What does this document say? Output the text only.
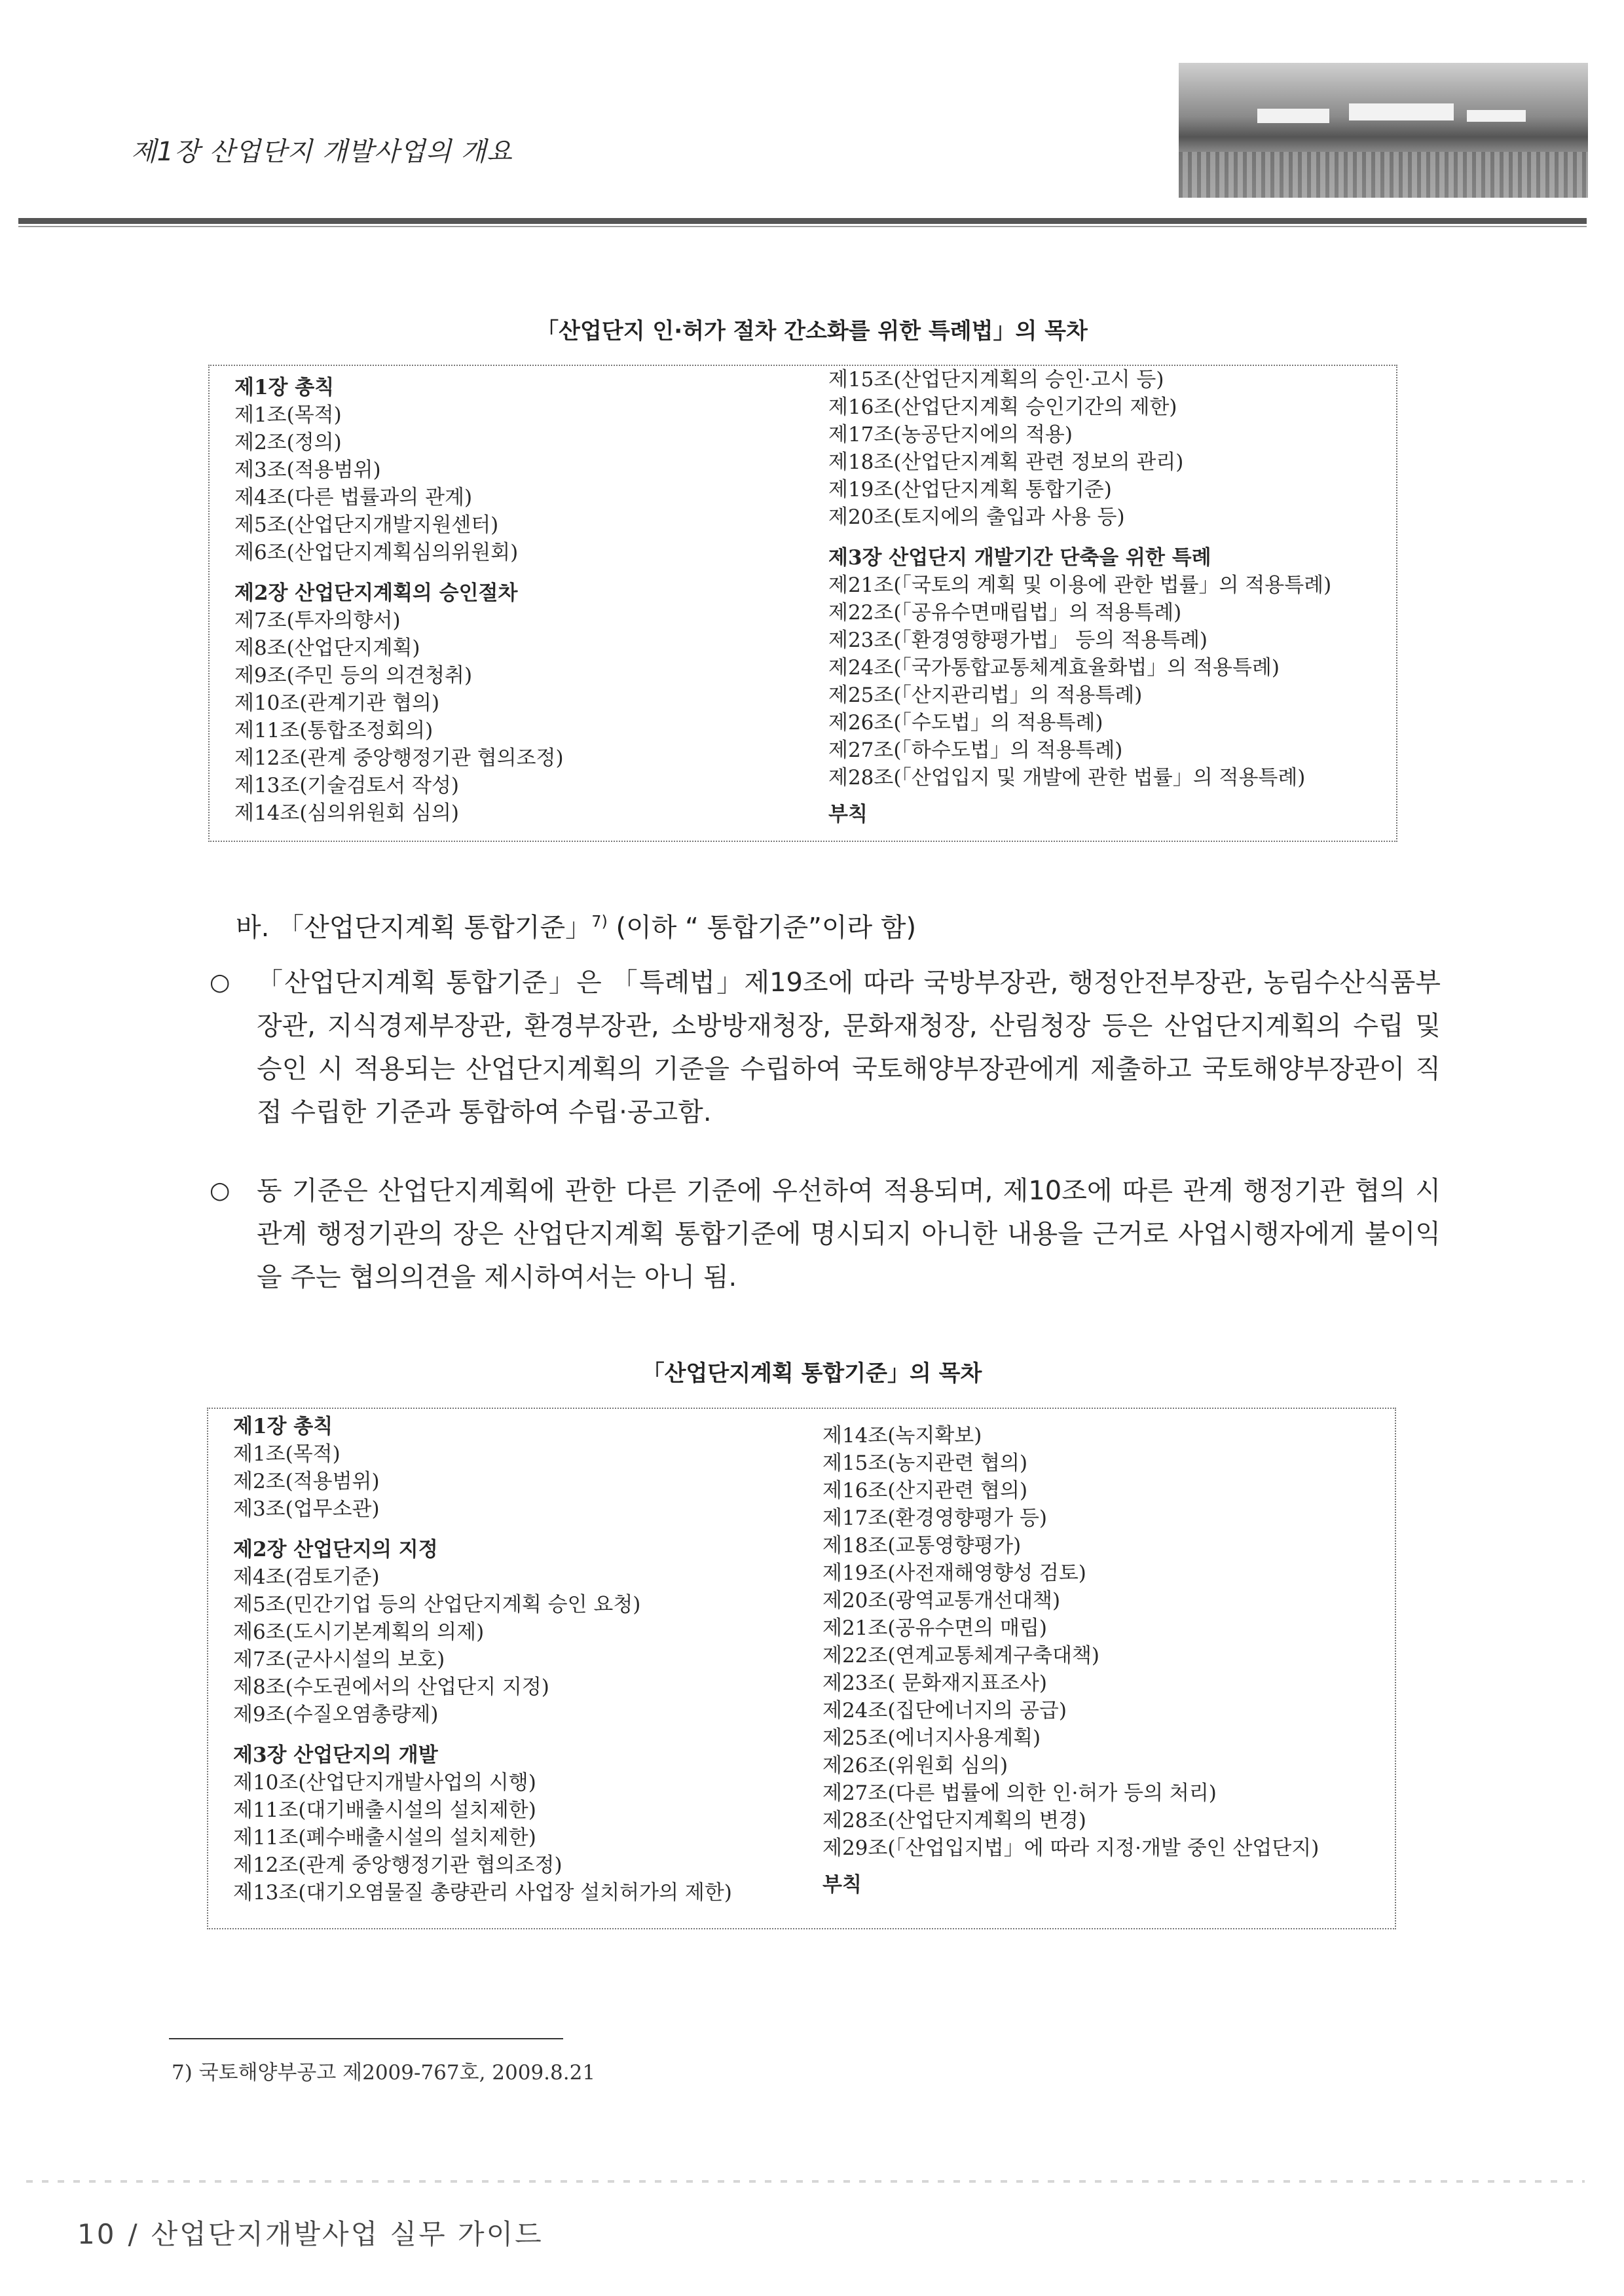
제1장 산업단지 개발사업의 개요
「산업단지 인·허가 절차 간소화를 위한 특례법」의 목차
제1장 총칙
제1조(목적)
제2조(정의)
제3조(적용범위)
제4조(다른 법률과의 관계)
제5조(산업단지개발지원센터)
제6조(산업단지계획심의위원회)
제2장 산업단지계획의 승인절차
제7조(투자의향서)
제8조(산업단지계획)
제9조(주민 등의 의견청취)
제10조(관계기관 협의)
제11조(통합조정회의)
제12조(관계 중앙행정기관 협의조정)
제13조(기술검토서 작성)
제14조(심의위원회 심의)
제15조(산업단지계획의 승인·고시 등)
제16조(산업단지계획 승인기간의 제한)
제17조(농공단지에의 적용)
제18조(산업단지계획 관련 정보의 관리)
제19조(산업단지계획 통합기준)
제20조(토지에의 출입과 사용 등)
제3장 산업단지 개발기간 단축을 위한 특례
제21조(「국토의 계획 및 이용에 관한 법률」의 적용특례)
제22조(「공유수면매립법」의 적용특례)
제23조(「환경영향평가법」 등의 적용특례)
제24조(「국가통합교통체계효율화법」의 적용특례)
제25조(「산지관리법」의 적용특례)
제26조(「수도법」의 적용특례)
제27조(「하수도법」의 적용특례)
제28조(「산업입지 및 개발에 관한 법률」의 적용특례)
부칙
바. 「산업단지계획 통합기준」$^{7)}$ (이하 “ 통합기준”이라 함)
○ 「산업단지계획 통합기준」은 「특례법」제19조에 따라 국방부장관, 행정안전부장관, 농림수산식품부장관, 지식경제부장관, 환경부장관, 소방방재청장, 문화재청장, 산림청장 등은 산업단지계획의 수립 및 승인 시 적용되는 산업단지계획의 기준을 수립하여 국토해양부장관에게 제출하고 국토해양부장관이 직접 수립한 기준과 통합하여 수립·공고함.
○ 동 기준은 산업단지계획에 관한 다른 기준에 우선하여 적용되며, 제10조에 따른 관계 행정기관 협의 시 관계 행정기관의 장은 산업단지계획 통합기준에 명시되지 아니한 내용을 근거로 사업시행자에게 불이익을 주는 협의의견을 제시하여서는 아니 됨.
「산업단지계획 통합기준」의 목차
제1장 총칙
제1조(목적)
제2조(적용범위)
제3조(업무소관)
제2장 산업단지의 지정
제4조(검토기준)
제5조(민간기업 등의 산업단지계획 승인 요청)
제6조(도시기본계획의 의제)
제7조(군사시설의 보호)
제8조(수도권에서의 산업단지 지정)
제9조(수질오염총량제)
제3장 산업단지의 개발
제10조(산업단지개발사업의 시행)
제11조(대기배출시설의 설치제한)
제11조(폐수배출시설의 설치제한)
제12조(관계 중앙행정기관 협의조정)
제13조(대기오염물질 총량관리 사업장 설치허가의 제한)
제14조(녹지확보)
제15조(농지관련 협의)
제16조(산지관련 협의)
제17조(환경영향평가 등)
제18조(교통영향평가)
제19조(사전재해영향성 검토)
제20조(광역교통개선대책)
제21조(공유수면의 매립)
제22조(연계교통체계구축대책)
제23조( 문화재지표조사)
제24조(집단에너지의 공급)
제25조(에너지사용계획)
제26조(위원회 심의)
제27조(다른 법률에 의한 인·허가 등의 처리)
제28조(산업단지계획의 변경)
제29조(「산업입지법」에 따라 지정·개발 중인 산업단지)
부칙
7) 국토해양부공고 제2009-767호, 2009.8.21
10 / 산업단지개발사업 실무 가이드
